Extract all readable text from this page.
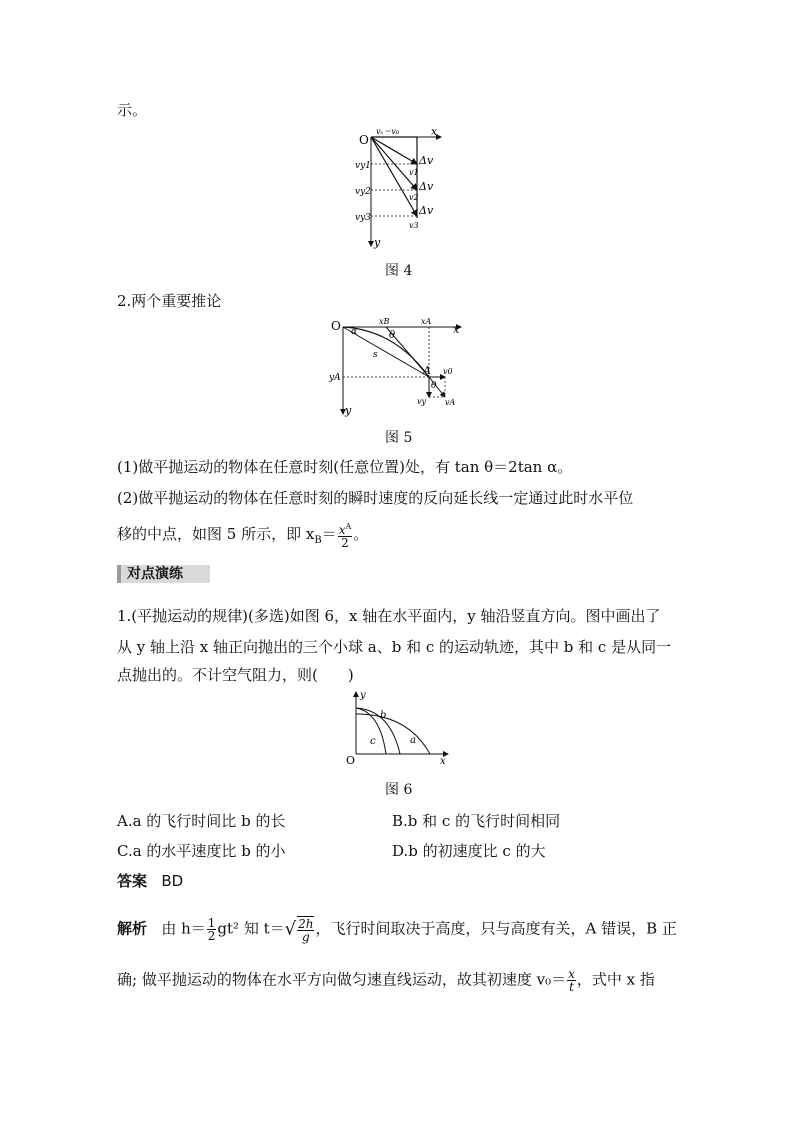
示。
O
x
y
vₓ＝v₀
vy1
vy2
vy3
v1
v2
v3
Δv
Δv
Δv
图 4
2.两个重要推论
O	x
y
xB	xA
θ
α
s
yA
A v0
vy vA
θ
图 5
(1)做平抛运动的物体在任意时刻(任意位置)处，有 tan θ＝2tan α。
(2)做平抛运动的物体在任意时刻的瞬时速度的反向延长线一定通过此时水平位
移的中点，如图 5 所示，即 $x_B= \frac{x^A}{2}$ 。
对点演练
1.(平抛运动的规律)(多选)如图 6，x 轴在水平面内，y 轴沿竖直方向。图中画出了
从 y 轴上沿 x 轴正向抛出的三个小球 a、b 和 c 的运动轨迹，其中 b 和 c 是从同一
点抛出的。不计空气阻力，则(　　)
O	x
y
a
b
c
图 6
A.a 的飞行时间比 b 的长	B.b 和 c 的飞行时间相同
C.a 的水平速度比 b 的小	D.b 的初速度比 c 的大
答案 BD
解析 由 $h= \frac{1}{2} gt^2$ 知 $t=√ \frac{2h}{g}$ ，飞行时间取决于高度，只与高度有关，A 错误，B 正
确; 做平抛运动的物体在水平方向做匀速直线运动，故其初速度 $v_0= \frac{x}{t}$ ，式中 x 指
